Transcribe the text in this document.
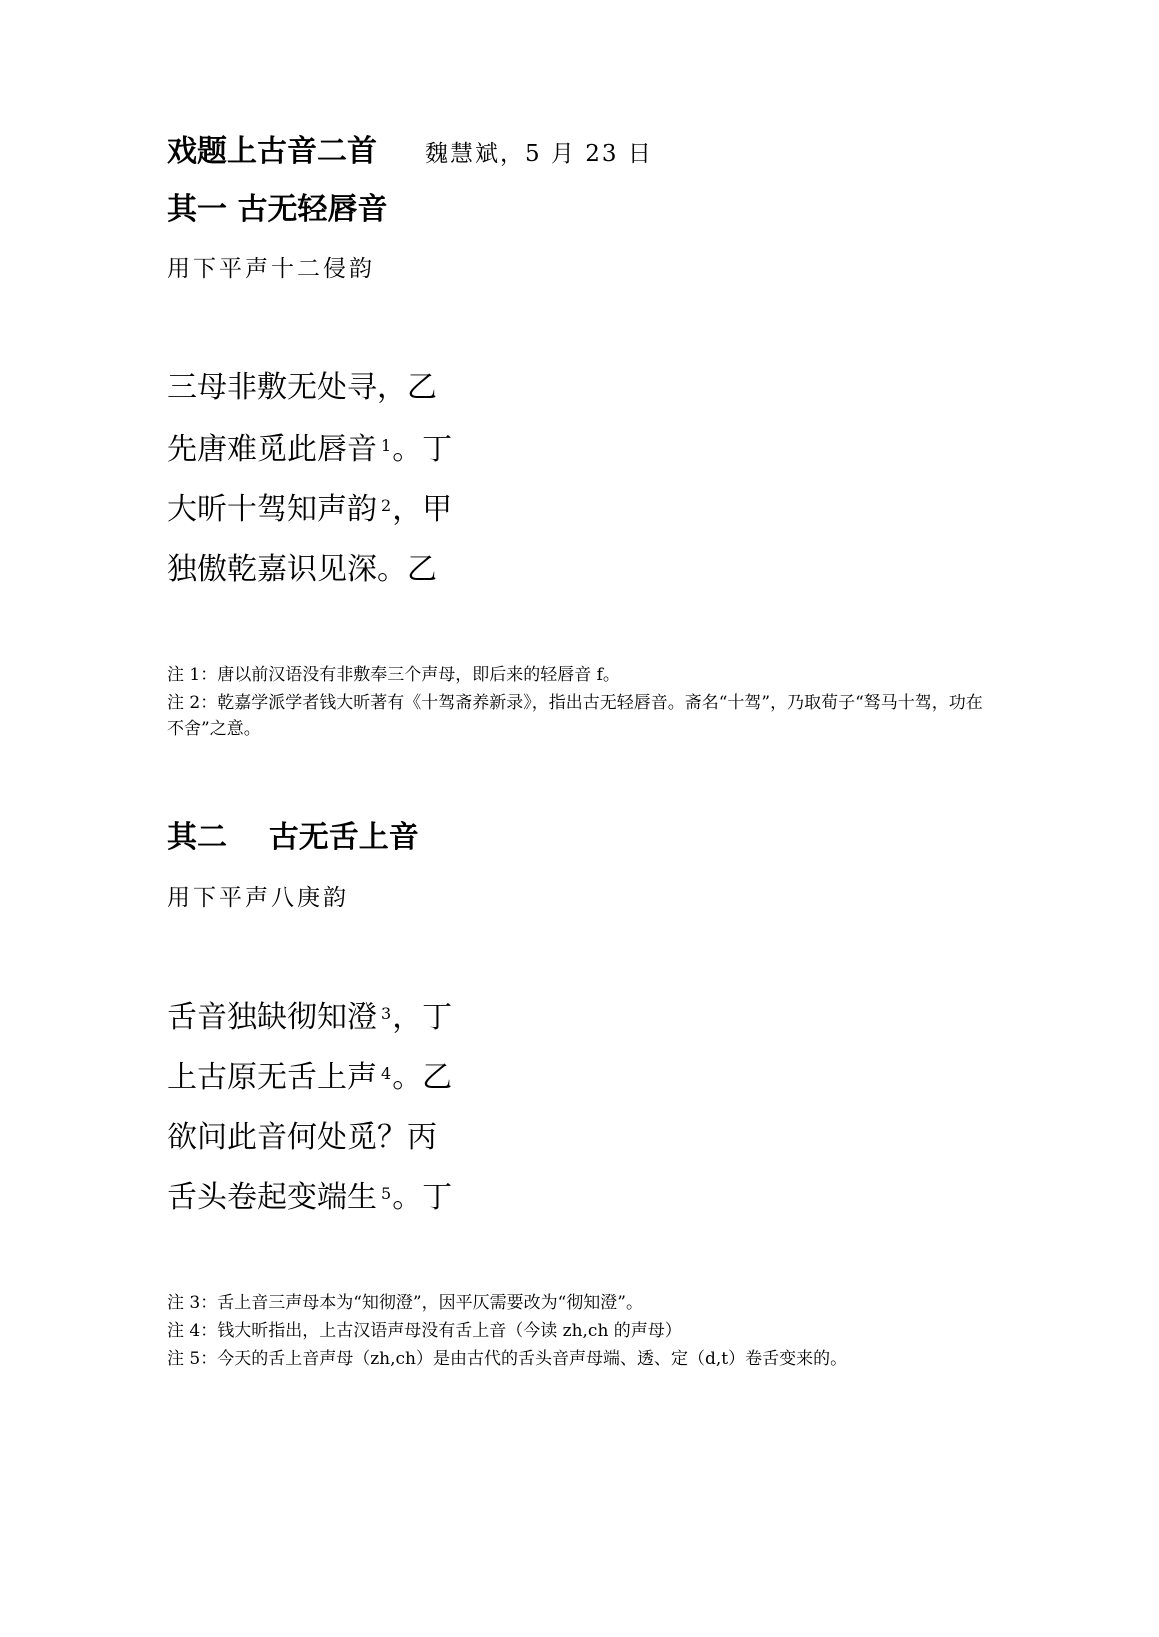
戏题上古音二首 魏慧斌，5 月 23 日
其一 古无轻唇音
用下平声十二侵韵
三母非敷无处寻，乙
先唐难觅此唇音 $^1$。丁
大昕十驾知声韵 $^2$，甲
独傲乾嘉识见深。乙
注 1：唐以前汉语没有非敷奉三个声母，即后来的轻唇音 f。
注 2：乾嘉学派学者钱大昕著有《十驾斋养新录》，指出古无轻唇音。斋名“十驾”，乃取荀子“驽马十驾，功在不舍”之意。
其二    古无舌上音
用下平声八庚韵
舌音独缺彻知澄 $^3$，丁
上古原无舌上声 $^4$。乙
欲问此音何处觅？丙
舌头卷起变端生 $^5$。丁
注 3：舌上音三声母本为“知彻澄”，因平仄需要改为“彻知澄”。
注 4：钱大昕指出，上古汉语声母没有舌上音（今读 zh,ch 的声母）
注 5：今天的舌上音声母（zh,ch）是由古代的舌头音声母端、透、定（d,t）卷舌变来的。
